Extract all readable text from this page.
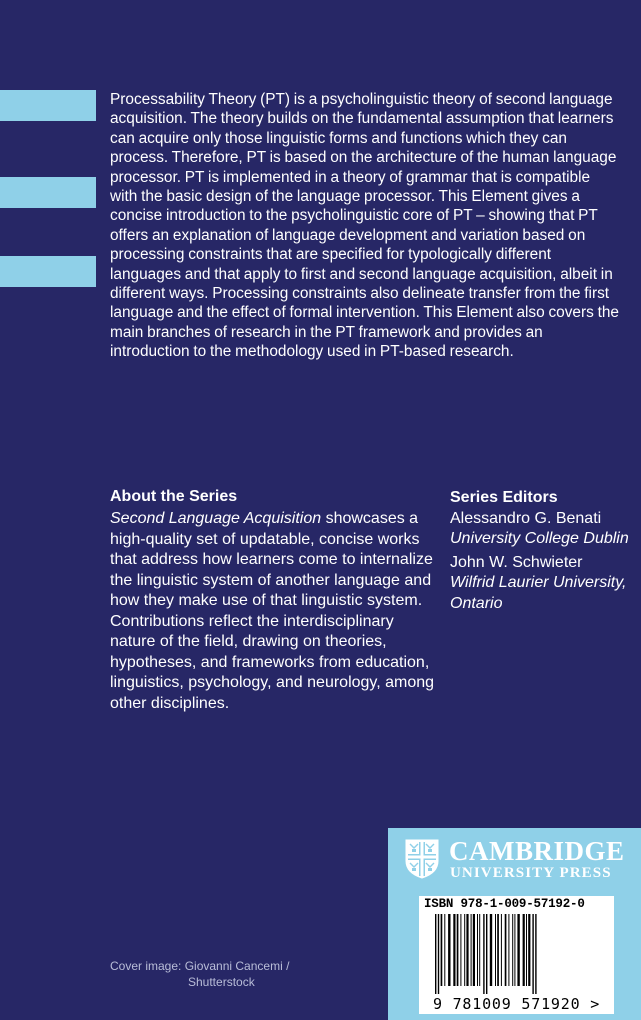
Processability Theory (PT) is a psycholinguistic theory of second language acquisition. The theory builds on the fundamental assumption that learners can acquire only those linguistic forms and functions which they can process. Therefore, PT is based on the architecture of the human language processor. PT is implemented in a theory of grammar that is compatible with the basic design of the language processor. This Element gives a concise introduction to the psycholinguistic core of PT – showing that PT offers an explanation of language development and variation based on processing constraints that are specified for typologically different languages and that apply to first and second language acquisition, albeit in different ways. Processing constraints also delineate transfer from the first language and the effect of formal intervention. This Element also covers the main branches of research in the PT framework and provides an introduction to the methodology used in PT-based research.
About the Series
Second Language Acquisition showcases a high-quality set of updatable, concise works that address how learners come to internalize the linguistic system of another language and how they make use of that linguistic system. Contributions reflect the interdisciplinary nature of the field, drawing on theories, hypotheses, and frameworks from education, linguistics, psychology, and neurology, among other disciplines.
Series Editors
Alessandro G. Benati
University College Dublin
John W. Schwieter
Wilfrid Laurier University, Ontario
Cover image: Giovanni Cancemi /
Shutterstock
CAMBRIDGE
UNIVERSITY PRESS
ISBN 978-1-009-57192-0
9 781009 571920 >
